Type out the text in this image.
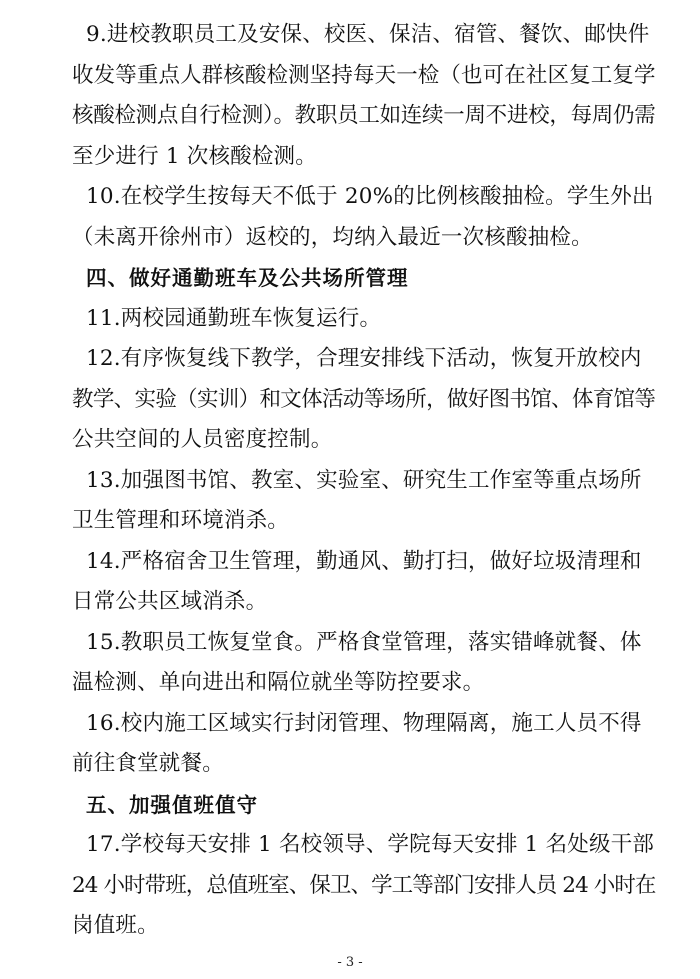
9.进校教职员工及安保、校医、保洁、宿管、餐饮、邮快件
收发等重点人群核酸检测坚持每天一检（也可在社区复工复学
核酸检测点自行检测）。教职员工如连续一周不进校，每周仍需
至少进行 1 次核酸检测。
10.在校学生按每天不低于 20%的比例核酸抽检。学生外出
（未离开徐州市）返校的，均纳入最近一次核酸抽检。
四、做好通勤班车及公共场所管理
11.两校园通勤班车恢复运行。
12.有序恢复线下教学，合理安排线下活动，恢复开放校内
教学、实验（实训）和文体活动等场所，做好图书馆、体育馆等
公共空间的人员密度控制。
13.加强图书馆、教室、实验室、研究生工作室等重点场所
卫生管理和环境消杀。
14.严格宿舍卫生管理，勤通风、勤打扫，做好垃圾清理和
日常公共区域消杀。
15.教职员工恢复堂食。严格食堂管理，落实错峰就餐、体
温检测、单向进出和隔位就坐等防控要求。
16.校内施工区域实行封闭管理、物理隔离，施工人员不得
前往食堂就餐。
五、加强值班值守
17.学校每天安排 1 名校领导、学院每天安排 1 名处级干部
24 小时带班，总值班室、保卫、学工等部门安排人员 24 小时在
岗值班。
- 3 -
